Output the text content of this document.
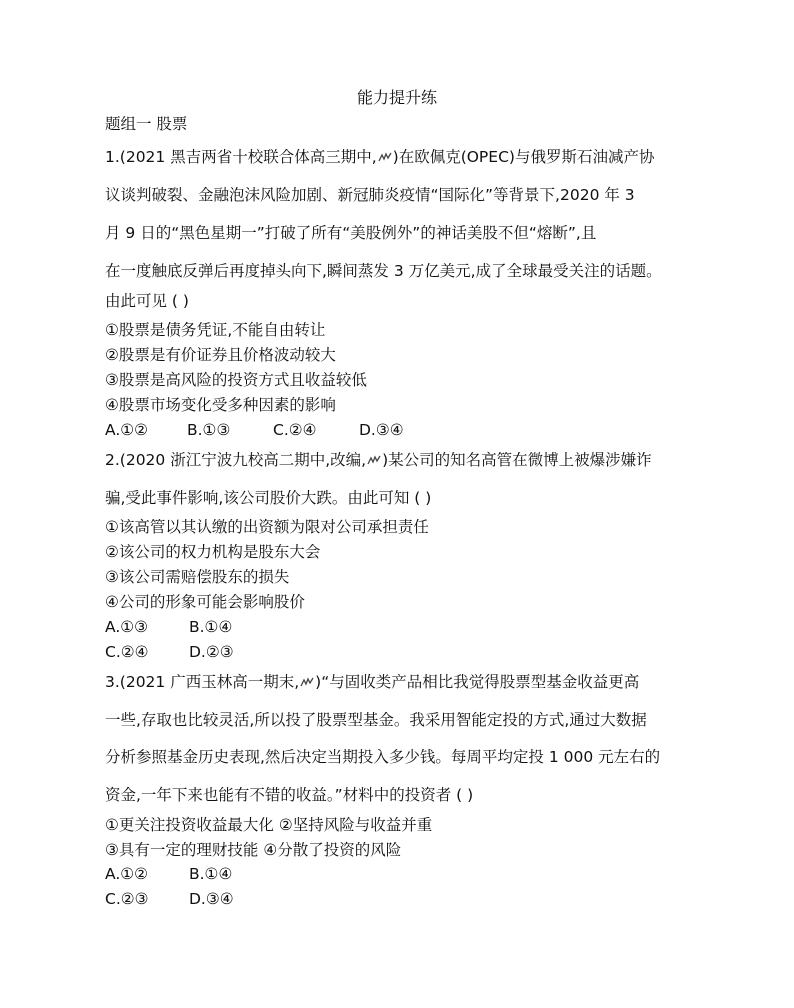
能力提升练
题组一 股票
1.(2021 黑吉两省十校联合体高三期中, )在欧佩克(OPEC)与俄罗斯石油减产协
议谈判破裂、金融泡沫风险加剧、新冠肺炎疫情“国际化”等背景下,2020 年 3
月 9 日的“黑色星期一”打破了所有“美股例外”的神话美股不但“熔断”,且
在一度触底反弹后再度掉头向下,瞬间蒸发 3 万亿美元,成了全球最受关注的话题。
由此可见 ( )
①股票是债务凭证,不能自由转让
②股票是有价证券且价格波动较大
③股票是高风险的投资方式且收益较低
④股票市场变化受多种因素的影响
A.①②	B.①③	C.②④	D.③④
2.(2020 浙江宁波九校高二期中,改编, )某公司的知名高管在微博上被爆涉嫌诈
骗,受此事件影响,该公司股价大跌。由此可知 ( )
①该高管以其认缴的出资额为限对公司承担责任
②该公司的权力机构是股东大会
③该公司需赔偿股东的损失
④公司的形象可能会影响股价
A.①③	B.①④
C.②④	D.②③
3.(2021 广西玉林高一期末, )“与固收类产品相比我觉得股票型基金收益更高
一些,存取也比较灵活,所以投了股票型基金。我采用智能定投的方式,通过大数据
分析参照基金历史表现,然后决定当期投入多少钱。每周平均定投 1 000 元左右的
资金,一年下来也能有不错的收益。”材料中的投资者 ( )
①更关注投资收益最大化 ②坚持风险与收益并重
③具有一定的理财技能 ④分散了投资的风险
A.①②	B.①④
C.②③	D.③④
